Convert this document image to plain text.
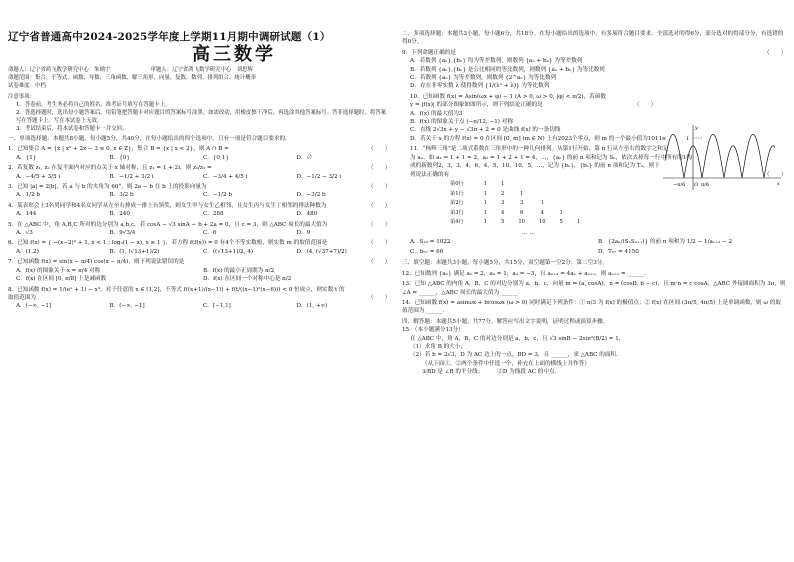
辽宁省普通高中2024-2025学年度上学期11月期中调研试题（1）
高三数学
命题人：辽宁省鸿飞数学研究中心　朱勋宇	审题人：辽宁省鸿飞数学研究中心　刘思辉
命题范围：集合、不等式、函数、导数、三角函数、解三角形、向量、复数、数列、排列组合、统计概率
试卷难度：中档
注意事项：
1．答卷前，考生务必将自己的姓名、准考证号填写在答题卡上。
2．答选择题时，选出每小题答案后，用铅笔把答题卡对应题目的答案标号涂黑。如需改动，用橡皮擦干净后，再选涂其他答案标号。答非选择题时，将答案写在答题卡上。写在本试卷上无效。
3．考试结束后，将本试卷和答题卡一并交回。
一、单项选择题：本题共8小题，每小题5分，共40分，在每小题给出的四个选项中，只有一项是符合题目要求的。
1．已知集合 A = {x | x² + 2x − 3 ≤ 0, x ∈ Z}，集合 B = {x | x < 2}，则 A ∩ B =	（　　）
A．{1}	B．{0}	C．{0,1}	D．∅
2．若复数 z₁, z₂ 在复平面内对应的点关于 x 轴对称，且 z₁ = 1 + 2i，则 z₁/z₂ =	（　　）
A．−4/5 + 3/5 i	B．−1/2 + 3/2 i	C．−3/4 + 4/5 i	D．−1/2 − 3/2 i
3．已知 |a| = 2|b|，若 a 与 b 的夹角为 60°，则 2a − b 在 b 上的投影向量为	（　　）
A．1/2 b	B．3/2 b	C．−1/2 b	D．−3/2 b
4．某表彰会上3名男同学和4名女同学从左至右排成一排上台领奖，则女生甲与女生乙相邻，且女生丙与女生丁相邻的排法种数为	（　　）
A．144	B．240	C．288	D．480
5．在 △ABC 中，角 A,B,C 所对的边分别为 a,b,c，若 cosA − √3 sinA − b + 2a = 0，且 c = 3，则 △ABC 周长的最大值为	（　　）
A．√3	B．9√3/4	C．6	D．9
6．已知 f(x) = { −(x−2)² + 1, x < 1 ; log₂(1 − x), x ≥ 1 }，若方程 f(f(x)) = 0 有4个不等实数根，则实数 m 的取值范围是	（　　）
A．(1,2)	B．(1, (√13+1)/2)	C．((√13+1)/2, 4)	D．(4, (√37+7)/2)
7．已知函数 f(x) = sin(x − π/4) cos(x − π/4)，则下列说法错误的是	（　　）
A．f(x) 的图象关于 x = π/4 对称	B．f(x) 的最小正周期为 π/2
C．f(x) 在区间 [0, π/8] 上是减函数	D．f(x) 在区间一个对称中心是 π/2
8．已知函数 f(x) = 1/(eˣ + 1) − x³，对于任意的 x ∈ (1,2]，不等式 f((x+1)/(x−1)) + f(t/((x−1)²(x−6))) < 0 恒成立，则实数 t 的
取值范围为	（　　）
A．(−∞, −1]	B．(−∞, −1]	C．[−1,1]	D．(1, +∞)
二、多项选择题：本题共3小题，每小题6分，共18分。在每小题给出的选项中，有多项符合题目要求。全部选对的得6分，部分选对的得部分分，有选错的得0分。
9．下列命题正确的是	（　　）
A．若数列 {aₙ},{bₙ} 均为等差数列，则数列 {aₙ + bₙ} 为等差数列
B．若数列 {aₙ},{bₙ} 是公比相同的等比数列，则数列 {aₙ + bₙ} 为等比数列
C．若数列 {aₙ} 为等差数列，则数列 {2^aₙ} 为等比数列
D．存在非零实数 λ 使得数列 {1/(λⁿ + λ)} 为等比数列
10．已知函数 f(x) = Asin(ωx + φ) − 1 (A > 0, ω > 0, |φ| < π/2)，若函数
y = |f(x)| 的部分图象如图所示，则下列结论正确的是	（　　）
A．f(x) 的最大值为3
B．f(x) 的图象关于点 (−π/12, −1) 对称
C．直线 2√3x + y − √3π + 2 = 0 是曲线 f(x) 的一条切线
D．若关于 x 的方程 f(x) = 0 在区间 [0, m] (m ∈ N) 上有2023个零点，则 m 的一个最小值为1011π	1
−π/6 O π/6	x
y
11．“杨辉三角”是二项式系数在三角形中的一种几何排列。从第1行开始，第 n 行从左至右的数字之和记
为 aₙ，如 a₁ = 1 + 1 = 2，a₂ = 1 + 2 + 1 = 4，…，{aₙ} 的前 n 项和记为 Sₙ，依次去掉每一行中所有的1构
成的新数列2，3，3，4，6，4，5，10，10，5，…，记为 {bₙ}，{bₙ} 的前 n 项和记为 Tₙ，则下
列说法正确的有	（　　）
第0行	1	1				
第1行	1	2	1			
第2行	1	3	3	1		
第3行	1	4	6	4	1	
第4行	1	5	10	10	5	1
… …
A．S₁₀ = 1022	B．{2aₙ/(SₙSₙ₊₁)} 的前 n 项和为 1/2 − 1/aₙ₊₂ − 2
C．b₅₇ = 66	D．T₅₇ = 4150
三、填空题：本题共3小题，每小题5分，共15分，双空题第一空2分，第二空3分。
12．已知数列 {aₙ} 满足 a₁ = 2，a₂ = 1，a₃ = −3，且 aₙ₊₃ = 4aₙ + aₙ₊₁，则 aₙ₊₁ = ______．
13．已知 △ABC 的内角 A，B，C 的对边分别为 a，b，c，向量 m = (a, cosA)，n = (cosB, b − c)，且 m·n = c·cosA，△ABC 外接圆面积为 3π，则 ∠A = ______，△ABC 周长的最大值为 ______．
14．已知函数 f(x) = asinωx + bcosωx (ω > 0) 同时满足下列条件：① π/3 为 f(x) 的极值点；② f(x) 在区间 (3π/5, 4π/5) 上是单调函数，则 ω 的取值范围为 ______．
四、解答题：本题共5小题，共77分。解答应写出文字说明，证明过程或演算步骤。
15．（本小题满分13分）
在 △ABC 中，角 A，B，C 的对边分别是 a，b，c，且 √3 sinB − 2sin²(B/2) = 1．
（1）求角 B 的大小；
（2）若 b = 2√3，D 为 AC 边上的一点，BD = 3，且 ______，求 △ABC 的面积．
（从下面①，②两个条件中任选一个，补充在上面的横线上并作答）
①BD 是 ∠B 的平分线；　　　②D 为线段 AC 的中点．
